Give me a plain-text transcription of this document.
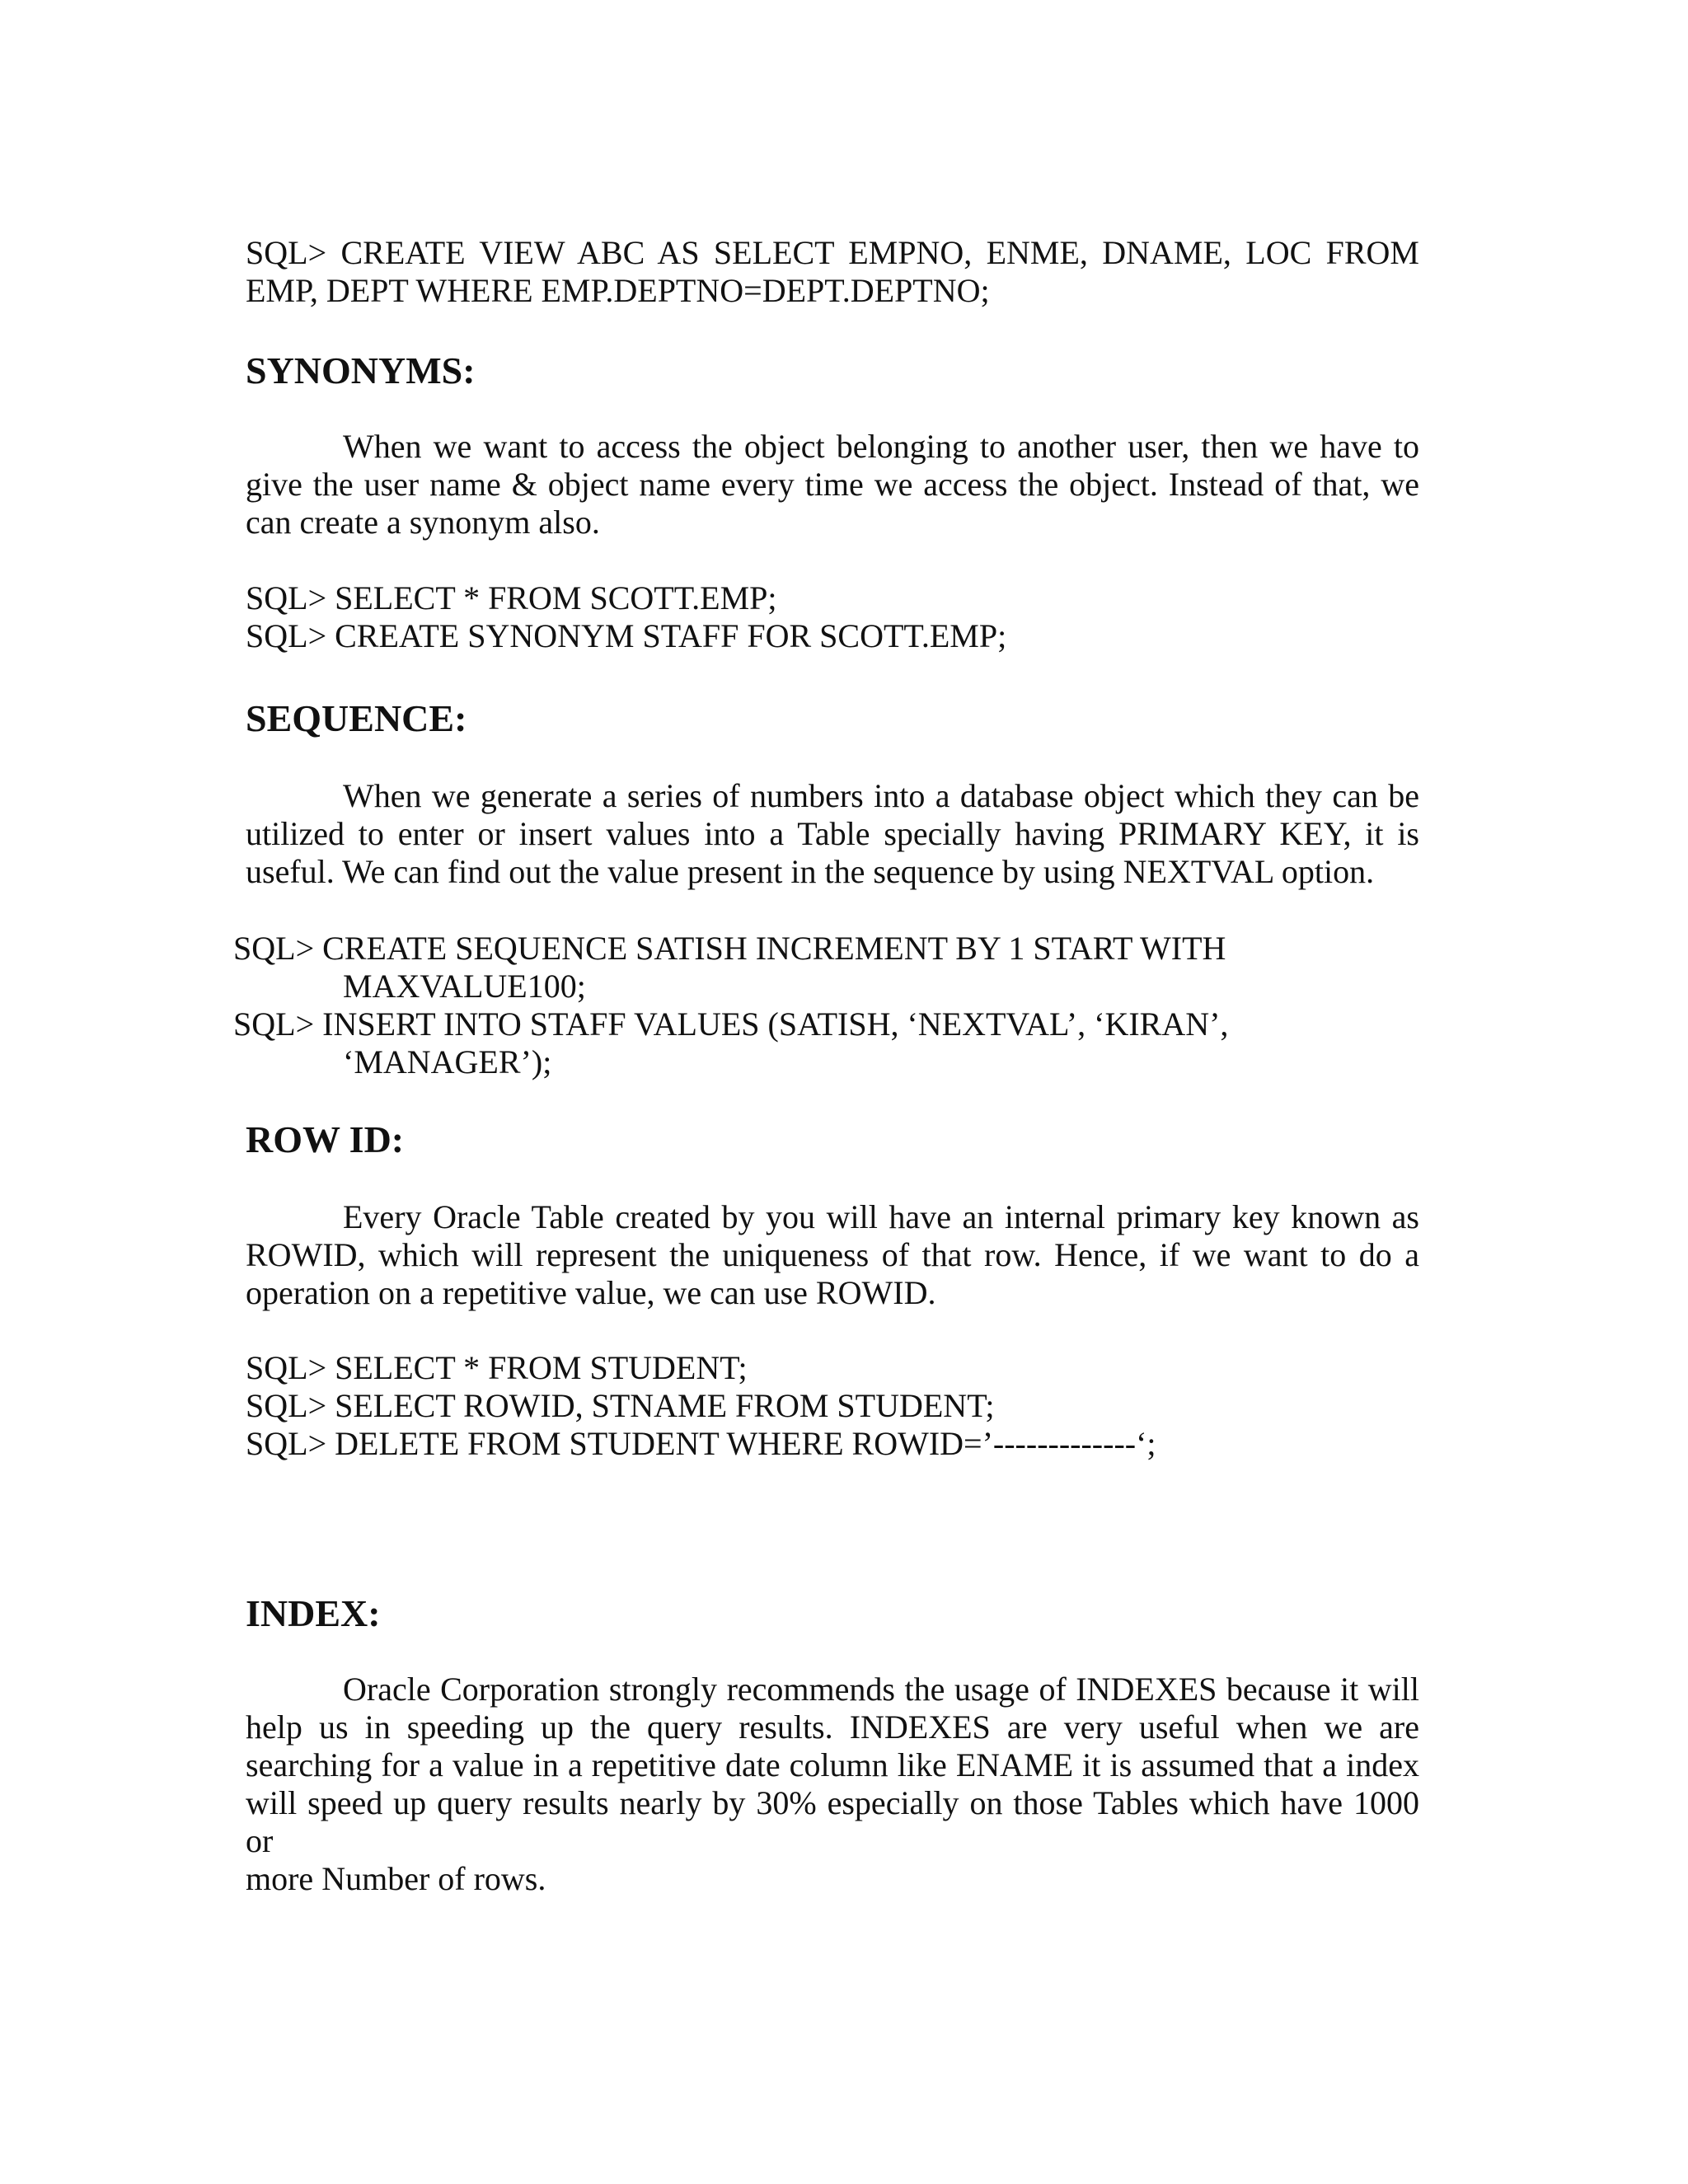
SQL> CREATE VIEW ABC AS SELECT EMPNO, ENME, DNAME, LOC FROM
EMP, DEPT WHERE EMP.DEPTNO=DEPT.DEPTNO;
SYNONYMS:
When we want to access the object belonging to another user, then we have to
give the user name & object name every time we access the object. Instead of that, we
can create a synonym also.
SQL> SELECT * FROM SCOTT.EMP;
SQL> CREATE SYNONYM STAFF FOR SCOTT.EMP;
SEQUENCE:
When we generate a series of numbers into a database object which they can be
utilized to enter or insert values into a Table specially having PRIMARY KEY, it is
useful. We can find out the value present in the sequence by using NEXTVAL option.
SQL> CREATE SEQUENCE SATISH INCREMENT BY 1 START WITH
MAXVALUE100;
SQL> INSERT INTO STAFF VALUES (SATISH, ‘NEXTVAL’, ‘KIRAN’,
‘MANAGER’);
ROW ID:
Every Oracle Table created by you will have an internal primary key known as
ROWID, which will represent the uniqueness of that row. Hence, if we want to do a
operation on a repetitive value, we can use ROWID.
SQL> SELECT * FROM STUDENT;
SQL> SELECT ROWID, STNAME FROM STUDENT;
SQL> DELETE FROM STUDENT WHERE ROWID=’-------------‘;
INDEX:
Oracle Corporation strongly recommends the usage of INDEXES because it will
help us in speeding up the query results. INDEXES are very useful when we are
searching for a value in a repetitive date column like ENAME it is assumed that a index
will speed up query results nearly by 30% especially on those Tables which have 1000 or
more Number of rows.
